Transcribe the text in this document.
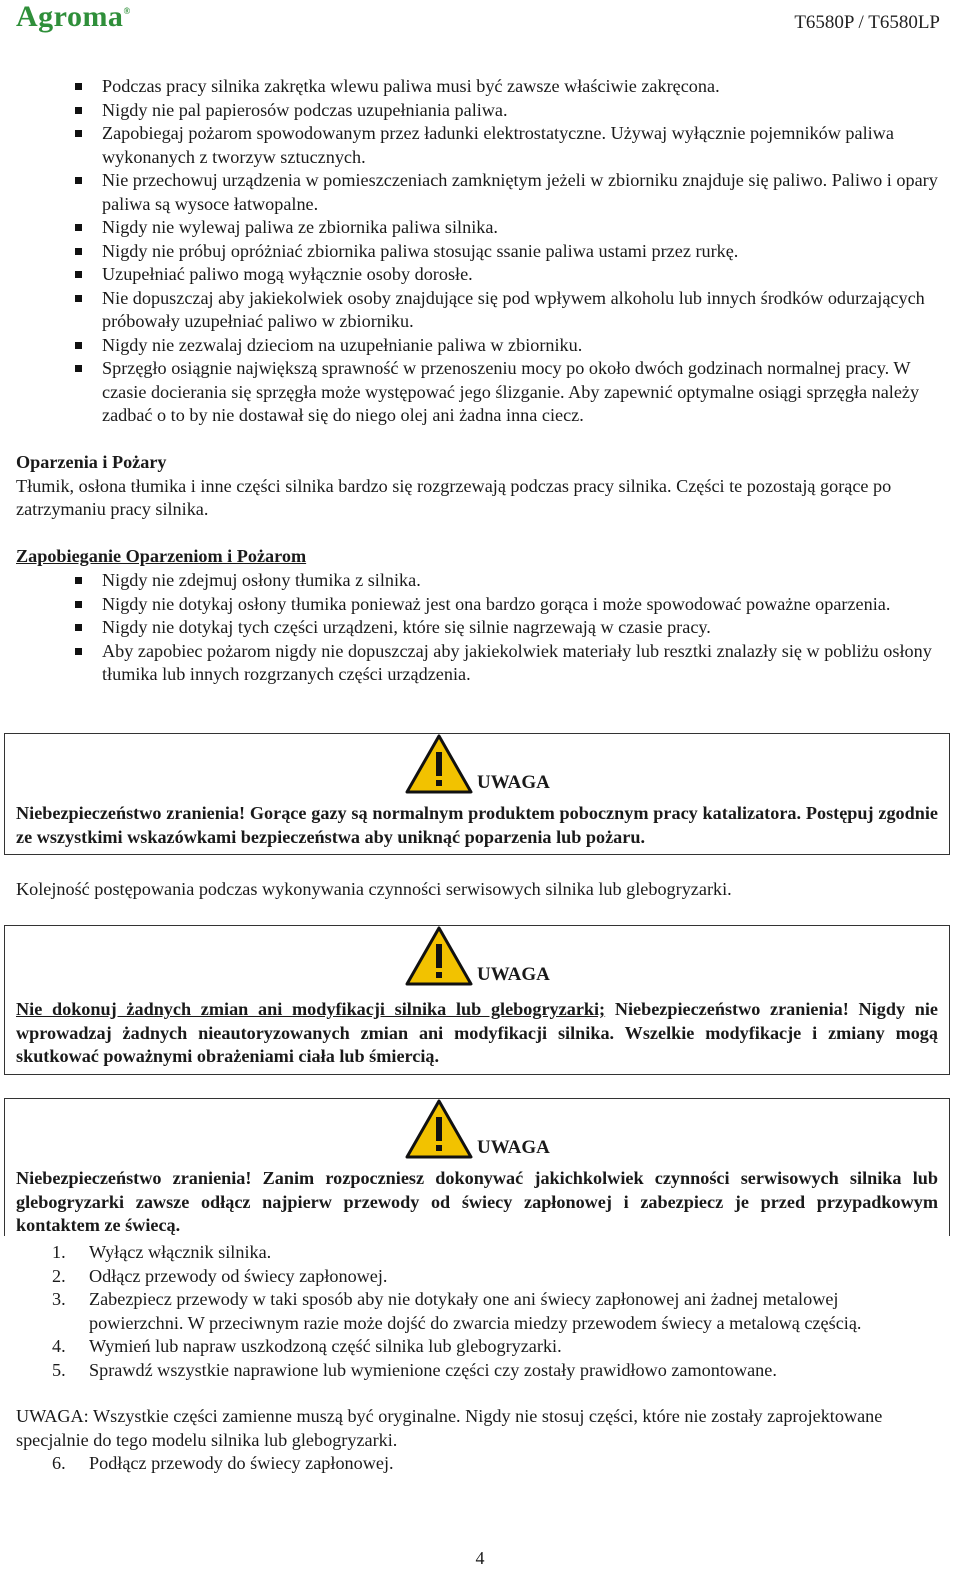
Agroma®
T6580P / T6580LP
Podczas pracy silnika zakrętka wlewu paliwa musi być zawsze właściwie zakręcona.
Nigdy nie pal papierosów podczas uzupełniania paliwa.
Zapobiegaj pożarom spowodowanym przez ładunki elektrostatyczne. Używaj wyłącznie pojemników paliwa wykonanych z tworzyw sztucznych.
Nie przechowuj urządzenia w pomieszczeniach zamkniętym jeżeli w zbiorniku znajduje się paliwo. Paliwo i opary paliwa są wysoce łatwopalne.
Nigdy nie wylewaj paliwa ze zbiornika paliwa silnika.
Nigdy nie próbuj opróżniać zbiornika paliwa stosując ssanie paliwa ustami przez rurkę.
Uzupełniać paliwo mogą wyłącznie osoby dorosłe.
Nie dopuszczaj aby jakiekolwiek osoby znajdujące się pod wpływem alkoholu lub innych środków odurzających próbowały uzupełniać paliwo w zbiorniku.
Nigdy nie zezwalaj dzieciom na uzupełnianie paliwa w zbiorniku.
Sprzęgło osiągnie największą sprawność w przenoszeniu mocy po około dwóch godzinach normalnej pracy. W czasie docierania się sprzęgła może występować jego ślizganie. Aby zapewnić optymalne osiągi sprzęgła należy zadbać o to by nie dostawał się do niego olej ani żadna inna ciecz.
Oparzenia i Pożary
Tłumik, osłona tłumika i inne części silnika bardzo się rozgrzewają podczas pracy silnika. Części te pozostają gorące po zatrzymaniu pracy silnika.
Zapobieganie Oparzeniom i Pożarom
Nigdy nie zdejmuj osłony tłumika z silnika.
Nigdy nie dotykaj osłony tłumika ponieważ jest ona bardzo gorąca i może spowodować poważne oparzenia.
Nigdy nie dotykaj tych części urządzeni, które się silnie nagrzewają w czasie pracy.
Aby zapobiec pożarom nigdy nie dopuszczaj aby jakiekolwiek materiały lub resztki znalazły się w pobliżu osłony tłumika lub innych rozgrzanych części urządzenia.
UWAGA
Niebezpieczeństwo zranienia! Gorące gazy są normalnym produktem pobocznym pracy katalizatora. Postępuj zgodnie ze wszystkimi wskazówkami bezpieczeństwa aby uniknąć poparzenia lub pożaru.
Kolejność postępowania podczas wykonywania czynności serwisowych silnika lub glebogryzarki.
UWAGA
Nie dokonuj żadnych zmian ani modyfikacji silnika lub glebogryzarki; Niebezpieczeństwo zranienia! Nigdy nie wprowadzaj żadnych nieautoryzowanych zmian ani modyfikacji silnika. Wszelkie modyfikacje i zmiany mogą skutkować poważnymi obrażeniami ciała lub śmiercią.
UWAGA
Niebezpieczeństwo zranienia! Zanim rozpoczniesz dokonywać jakichkolwiek czynności serwisowych silnika lub glebogryzarki zawsze odłącz najpierw przewody od świecy zapłonowej i zabezpiecz je przed przypadkowym kontaktem ze świecą.
1. Wyłącz włącznik silnika.
2. Odłącz przewody od świecy zapłonowej.
3. Zabezpiecz przewody w taki sposób aby nie dotykały one ani świecy zapłonowej ani żadnej metalowej powierzchni. W przeciwnym razie może dojść do zwarcia miedzy przewodem świecy a metalową częścią.
4. Wymień lub napraw uszkodzoną część silnika lub glebogryzarki.
5. Sprawdź wszystkie naprawione lub wymienione części czy zostały prawidłowo zamontowane.
UWAGA: Wszystkie części zamienne muszą być oryginalne. Nigdy nie stosuj części, które nie zostały zaprojektowane specjalnie do tego modelu silnika lub glebogryzarki.
6. Podłącz przewody do świecy zapłonowej.
4
